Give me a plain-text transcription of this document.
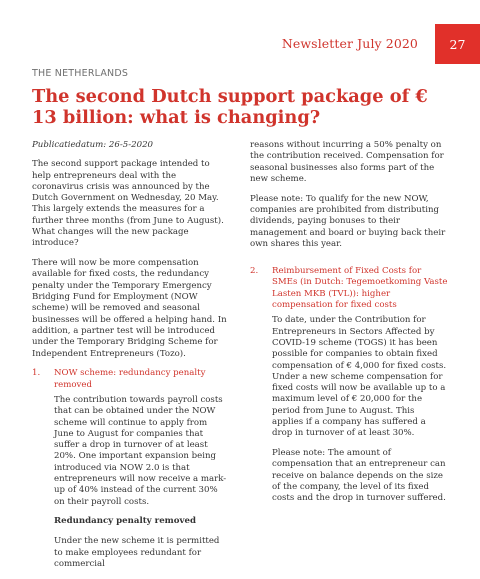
Newsletter July 2020	27
THE NETHERLANDS
The second Dutch support package of € 13 billion: what is changing?

Publicatiedatum: 26-5-2020

The second support package intended to help entrepreneurs deal with the coronavirus crisis was announced by the Dutch Government on Wednesday, 20 May. This largely extends the measures for a further three months (from June to August). What changes will the new package introduce?

There will now be more compensation available for fixed costs, the redundancy penalty under the Temporary Emergency Bridging Fund for Employment (NOW scheme) will be removed and seasonal businesses will be offered a helping hand. In addition, a partner test will be introduced under the Temporary Bridging Scheme for Independent Entrepreneurs (Tozo).

1.	NOW scheme: redundancy penalty removed

The contribution towards payroll costs that can be obtained under the NOW scheme will continue to apply from June to August for companies that suffer a drop in turnover of at least 20%. One important expansion being introduced via NOW 2.0 is that entrepreneurs will now receive a mark-up of 40% instead of the current 30% on their payroll costs.

Redundancy penalty removed

Under the new scheme it is permitted to make employees redundant for commercial

reasons without incurring a 50% penalty on the contribution received. Compensation for seasonal businesses also forms part of the new scheme.

Please note: To qualify for the new NOW, companies are prohibited from distributing dividends, paying bonuses to their management and board or buying back their own shares this year.

2.	Reimbursement of Fixed Costs for SMEs (in Dutch: Tegemoetkoming Vaste Lasten MKB (TVL)): higher compensation for fixed costs

To date, under the Contribution for Entrepreneurs in Sectors Affected by COVID-19 scheme (TOGS) it has been possible for companies to obtain fixed compensation of € 4,000 for fixed costs. Under a new scheme compensation for fixed costs will now be available up to a maximum level of € 20,000 for the period from June to August. This applies if a company has suffered a drop in turnover of at least 30%.

Please note: The amount of compensation that an entrepreneur can receive on balance depends on the size of the company, the level of its fixed costs and the drop in turnover suffered.
